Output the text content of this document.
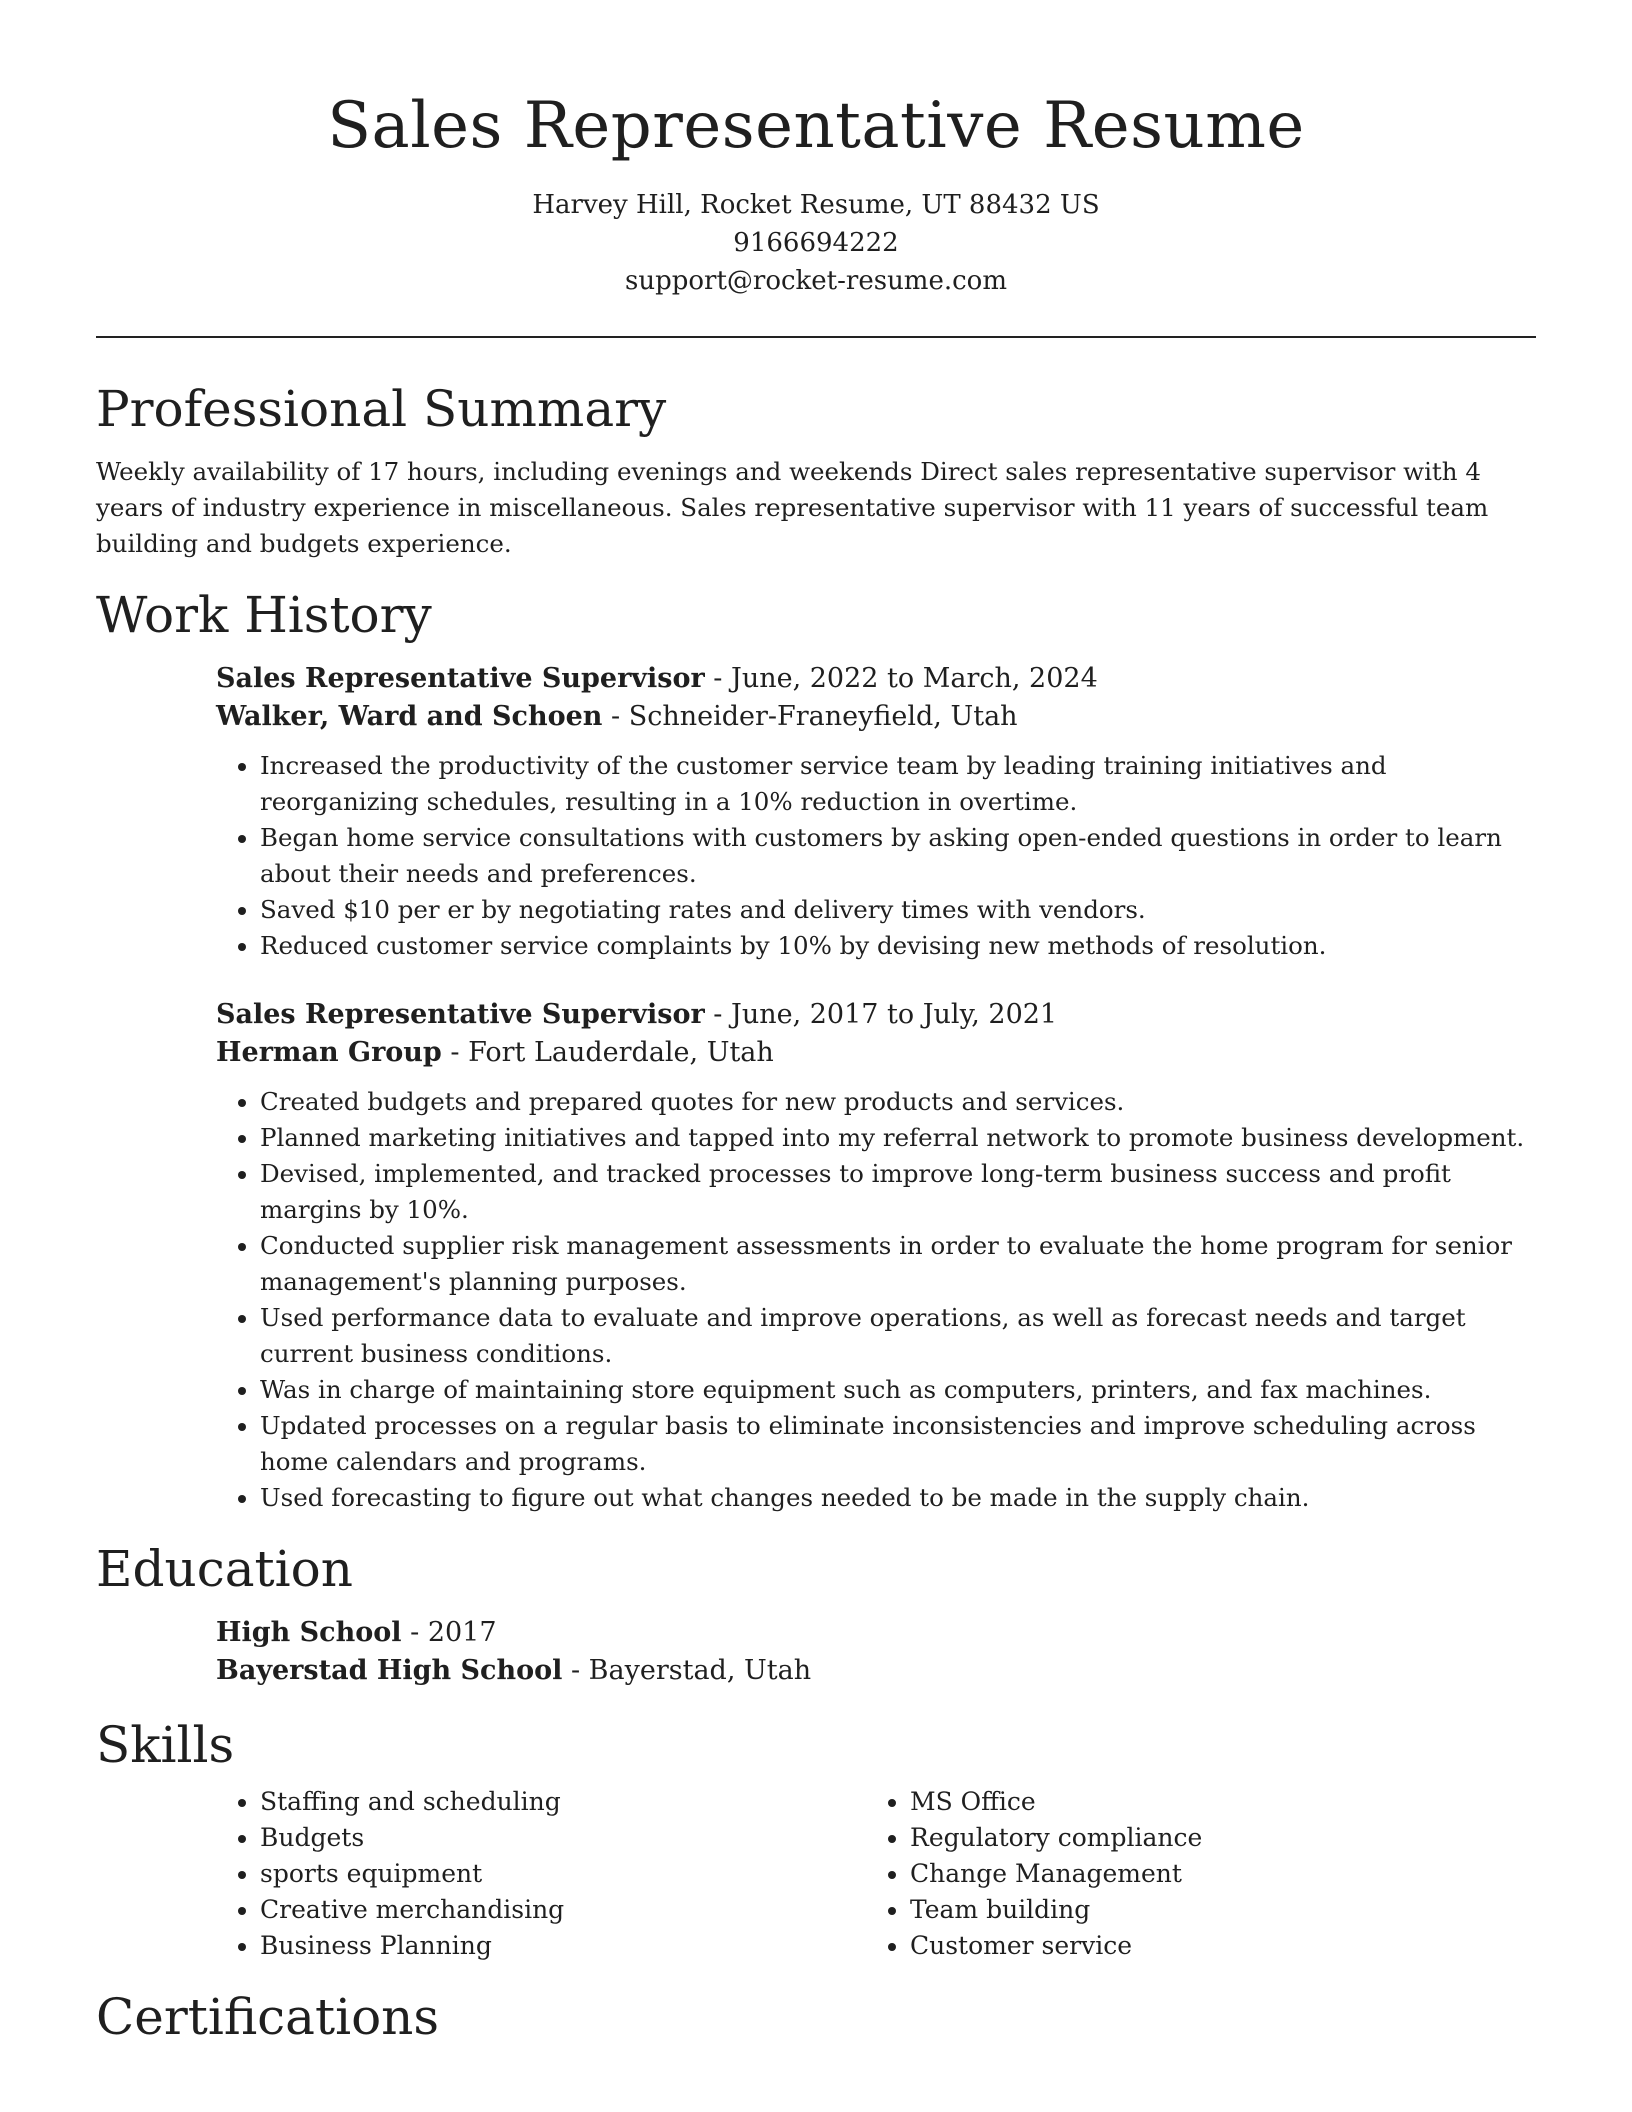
Sales Representative Resume

Harvey Hill, Rocket Resume, UT 88432 US

9166694222

support@rocket-resume.com

Professional Summary

Weekly availability of 17 hours, including evenings and weekends Direct sales representative supervisor with 4 years of industry experience in miscellaneous. Sales representative supervisor with 11 years of successful team building and budgets experience.

Work History

Sales Representative Supervisor - June, 2022 to March, 2024

Walker, Ward and Schoen - Schneider-Franeyfield, Utah

• Increased the productivity of the customer service team by leading training initiatives and reorganizing schedules, resulting in a 10% reduction in overtime.
• Began home service consultations with customers by asking open-ended questions in order to learn about their needs and preferences.
• Saved $10 per er by negotiating rates and delivery times with vendors.
• Reduced customer service complaints by 10% by devising new methods of resolution.

Sales Representative Supervisor - June, 2017 to July, 2021

Herman Group - Fort Lauderdale, Utah

• Created budgets and prepared quotes for new products and services.
• Planned marketing initiatives and tapped into my referral network to promote business development.
• Devised, implemented, and tracked processes to improve long-term business success and profit margins by 10%.
• Conducted supplier risk management assessments in order to evaluate the home program for senior management's planning purposes.
• Used performance data to evaluate and improve operations, as well as forecast needs and target current business conditions.
• Was in charge of maintaining store equipment such as computers, printers, and fax machines.
• Updated processes on a regular basis to eliminate inconsistencies and improve scheduling across home calendars and programs.
• Used forecasting to figure out what changes needed to be made in the supply chain.
Education

High School - 2017

Bayerstad High School - Bayerstad, Utah

Skills
• Staffing and scheduling
• Budgets
• sports equipment
• Creative merchandising
• Business Planning
• MS Office
• Regulatory compliance
• Change Management
• Team building
• Customer service
Certifications
